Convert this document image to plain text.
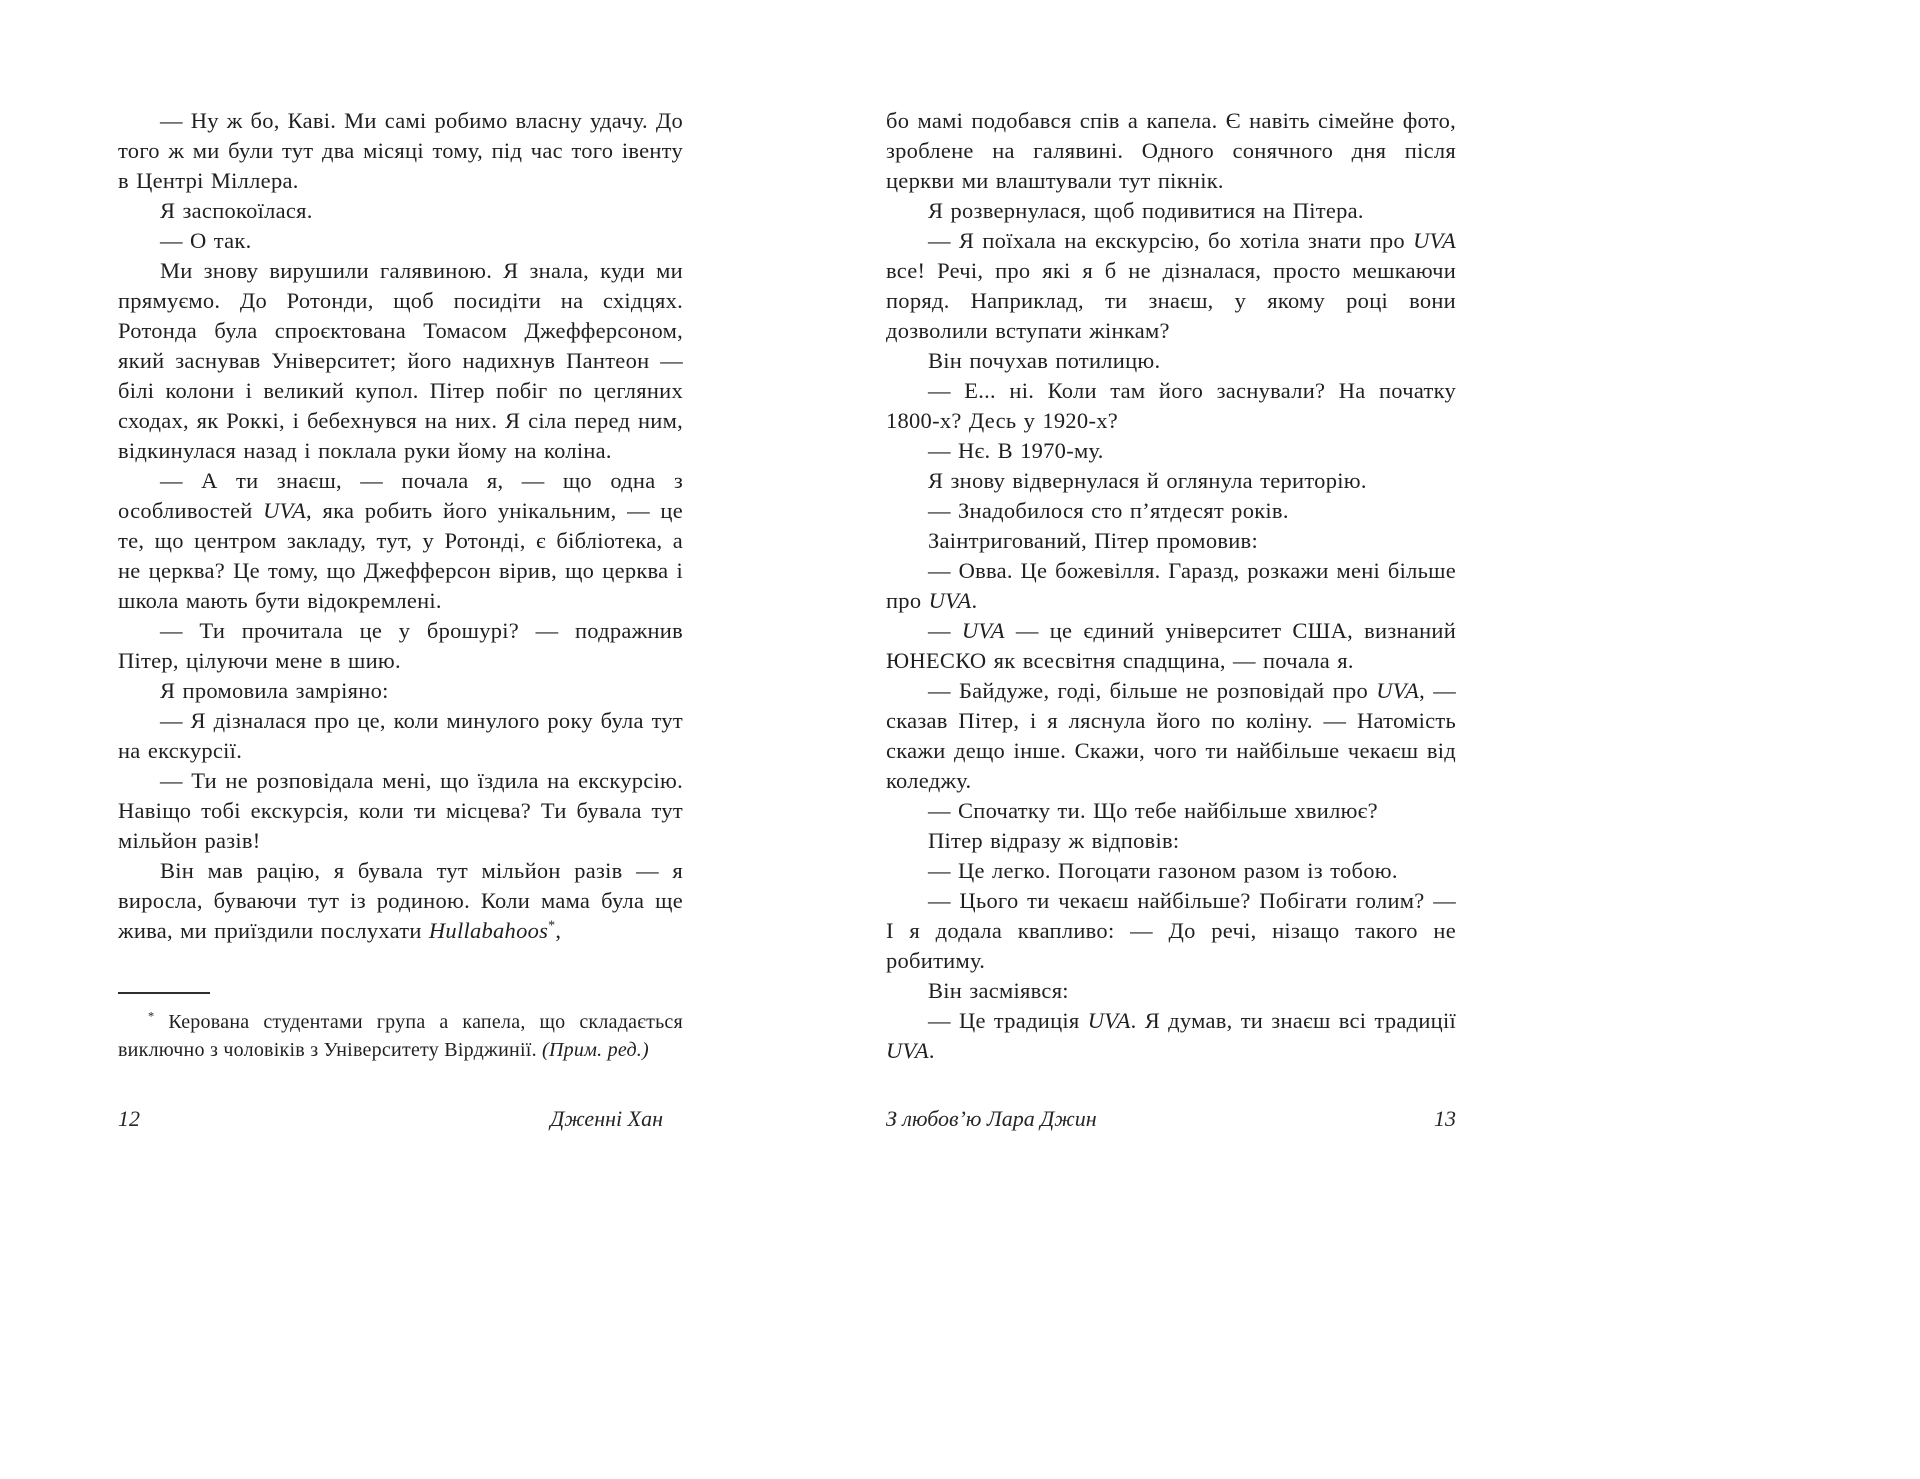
— Ну ж бо, Каві. Ми самі робимо власну удачу. До того ж ми були тут два місяці тому, під час того івенту в Центрі Міллера.

Я заспокоїлася.

— О так.

Ми знову вирушили галявиною. Я знала, куди ми прямуємо. До Ротонди, щоб посидіти на східцях. Ротонда була спроєктована Томасом Джефферсоном, який заснував Університет; його надихнув Пантеон — білі колони і великий купол. Пітер побіг по цегляних сходах, як Роккі, і бебехнувся на них. Я сіла перед ним, відкинулася назад і поклала руки йому на коліна.

— А ти знаєш, — почала я, — що одна з особливостей UVA, яка робить його унікальним, — це те, що центром закладу, тут, у Ротонді, є бібліотека, а не церква? Це тому, що Джефферсон вірив, що церква і школа мають бути відокремлені.

— Ти прочитала це у брошурі? — подражнив Пітер, цілуючи мене в шию.

Я промовила замріяно:

— Я дізналася про це, коли минулого року була тут на екскурсії.

— Ти не розповідала мені, що їздила на екскурсію. Навіщо тобі екскурсія, коли ти місцева? Ти бувала тут мільйон разів!

Він мав рацію, я бувала тут мільйон разів — я виросла, буваючи тут із родиною. Коли мама була ще жива, ми приїздили послухати Hullabahoos*,

* Керована студентами група а капела, що складається виключно з чоловіків з Університету Вірджинії. (Прим. ред.)

12	Дженні Хан

бо мамі подобався спів а капела. Є навіть сімейне фото, зроблене на галявині. Одного сонячного дня після церкви ми влаштували тут пікнік.

Я розвернулася, щоб подивитися на Пітера.

— Я поїхала на екскурсію, бо хотіла знати про UVA все! Речі, про які я б не дізналася, просто мешкаючи поряд. Наприклад, ти знаєш, у якому році вони дозволили вступати жінкам?

Він почухав потилицю.

— Е... ні. Коли там його заснували? На початку 1800-х? Десь у 1920-х?

— Нє. В 1970-му.

Я знову відвернулася й оглянула територію.

— Знадобилося сто п’ятдесят років.

Заінтригований, Пітер промовив:

— Овва. Це божевілля. Гаразд, розкажи мені більше про UVA.

— UVA — це єдиний університет США, визнаний ЮНЕСКО як всесвітня спадщина, — почала я.

— Байдуже, годі, більше не розповідай про UVA, — сказав Пітер, і я ляснула його по коліну. — Натомість скажи дещо інше. Скажи, чого ти найбільше чекаєш від коледжу.

— Спочатку ти. Що тебе найбільше хвилює?

Пітер відразу ж відповів:

— Це легко. Погоцати газоном разом із тобою.

— Цього ти чекаєш найбільше? Побігати голим? — І я додала квапливо: — До речі, нізащо такого не робитиму.

Він засміявся:

— Це традиція UVA. Я думав, ти знаєш всі традиції UVA.

З любов’ю Лара Джин	13
